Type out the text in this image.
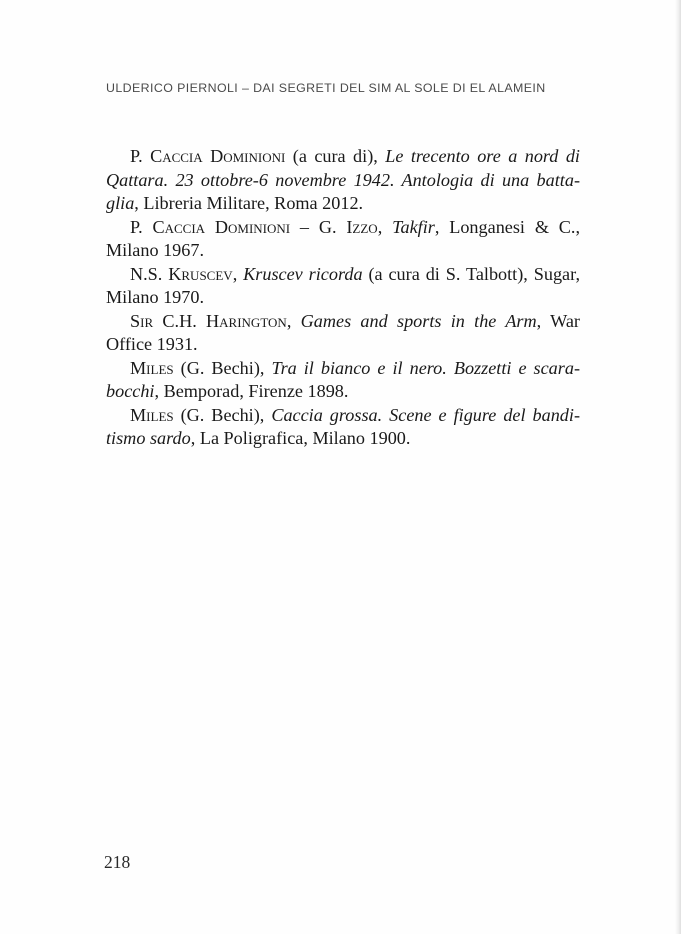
ULDERICO PIERNOLI – DAI SEGRETI DEL SIM AL SOLE DI EL ALAMEIN

P. Caccia Dominioni (a cura di), Le trecento ore a nord di Qattara. 23 ottobre-6 novembre 1942. Antologia di una battaglia, Libreria Militare, Roma 2012.

P. Caccia Dominioni – G. Izzo, Takfir, Longanesi & C., Milano 1967.

N.S. Kruscev, Kruscev ricorda (a cura di S. Talbott), Sugar, Milano 1970.

Sir C.H. Harington, Games and sports in the Arm, War Office 1931.

Miles (G. Bechi), Tra il bianco e il nero. Bozzetti e scarabocchi, Bemporad, Firenze 1898.

Miles (G. Bechi), Caccia grossa. Scene e figure del banditismo sardo, La Poligrafica, Milano 1900.

218
